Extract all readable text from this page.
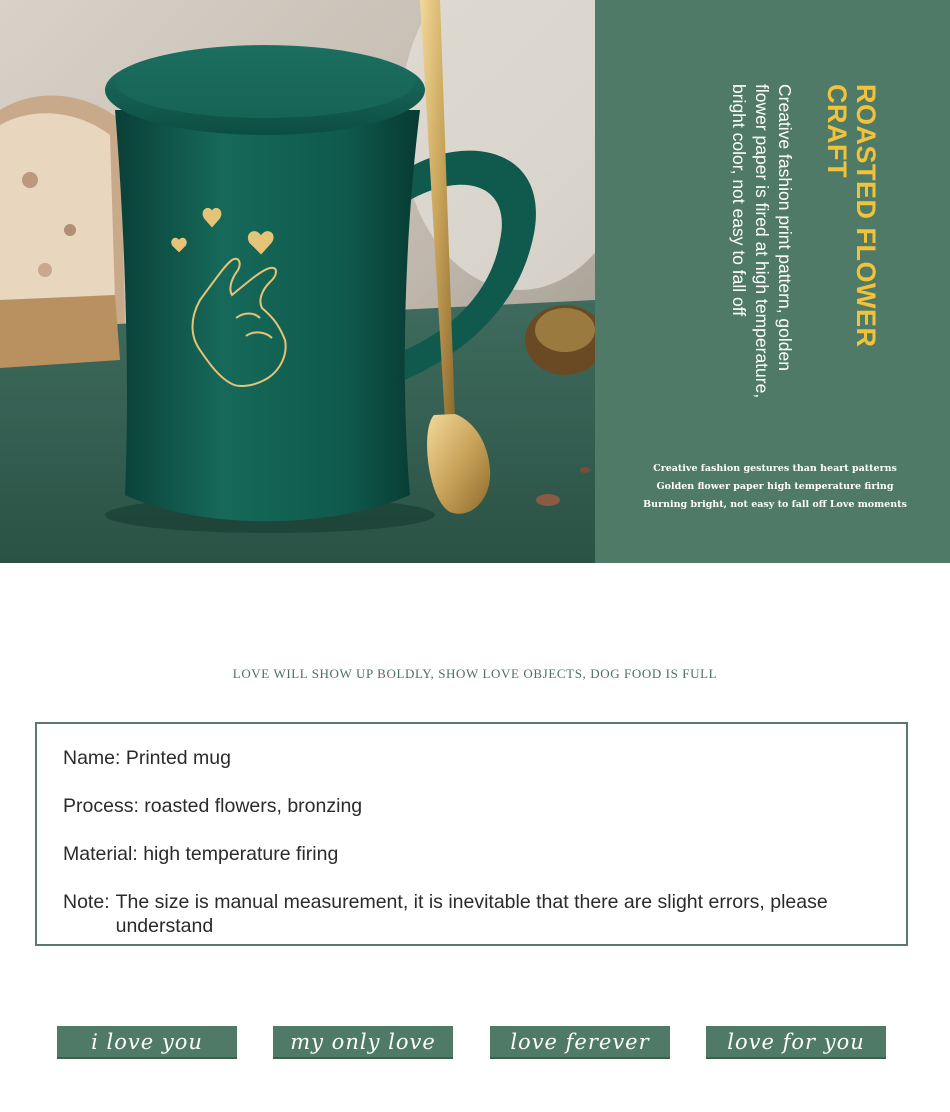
ROASTED FLOWER CRAFT
Creative fashion print pattern, golden flower paper is fired at high temperature, bright color, not easy to fall off
Creative fashion gestures than heart patterns
Golden flower paper high temperature firing
Burning bright, not easy to fall off Love moments
LOVE WILL SHOW UP BOLDLY, SHOW LOVE OBJECTS, DOG FOOD IS FULL
Name: Printed mug
Process: roasted flowers, bronzing
Material: high temperature firing
Note: The size is manual measurement, it is inevitable that there are slight errors, please understand
i love you	my only love	love ferever	love for you
